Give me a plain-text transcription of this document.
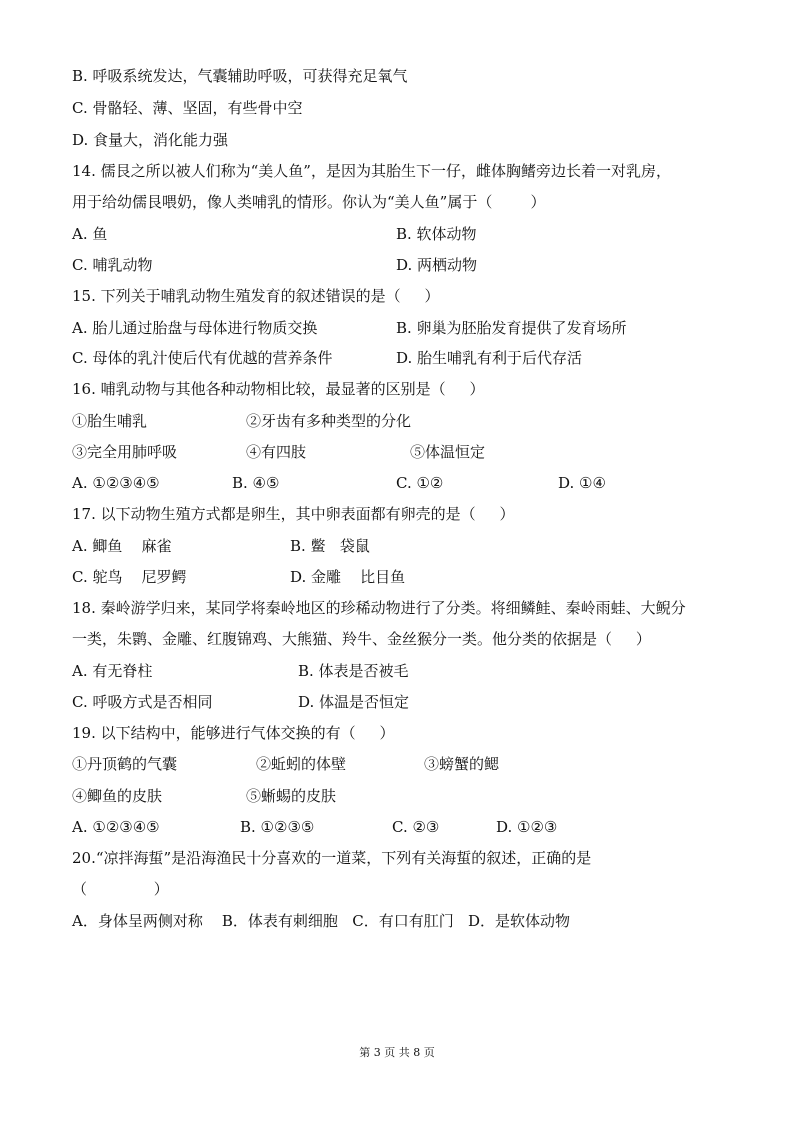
B. 呼吸系统发达，气囊辅助呼吸，可获得充足氧气
C. 骨骼轻、薄、坚固，有些骨中空
D. 食量大，消化能力强
14. 儒艮之所以被人们称为“美人鱼”，是因为其胎生下一仔，雌体胸鳍旁边长着一对乳房，
用于给幼儒艮喂奶，像人类哺乳的情形。你认为“美人鱼”属于（        ）
A. 鱼	B. 软体动物
C. 哺乳动物	D. 两栖动物
15. 下列关于哺乳动物生殖发育的叙述错误的是（     ）
A. 胎儿通过胎盘与母体进行物质交换	B. 卵巢为胚胎发育提供了发育场所
C. 母体的乳汁使后代有优越的营养条件	D. 胎生哺乳有利于后代存活
16. 哺乳动物与其他各种动物相比较，最显著的区别是（     ）
①胎生哺乳	②牙齿有多种类型的分化
③完全用肺呼吸	④有四肢	⑤体温恒定
A. ①②③④⑤	B. ④⑤	C. ①②	D. ①④
17. 以下动物生殖方式都是卵生，其中卵表面都有卵壳的是（     ）
A. 鲫鱼    麻雀	B. 鳖   袋鼠
C. 鸵鸟    尼罗鳄	D. 金雕    比目鱼
18. 秦岭游学归来，某同学将秦岭地区的珍稀动物进行了分类。将细鳞鲑、秦岭雨蛙、大鲵分
一类，朱鹮、金雕、红腹锦鸡、大熊猫、羚牛、金丝猴分一类。他分类的依据是（     ）
A. 有无脊柱	B. 体表是否被毛
C. 呼吸方式是否相同	D. 体温是否恒定
19. 以下结构中，能够进行气体交换的有（     ）
①丹顶鹤的气囊	②蚯蚓的体壁	③螃蟹的鳃
④鲫鱼的皮肤	⑤蜥蜴的皮肤
A. ①②③④⑤	B. ①②③⑤	C. ②③	D. ①②③
20.“凉拌海蜇”是沿海渔民十分喜欢的一道菜，下列有关海蜇的叙述，正确的是
（              ）
A．身体呈两侧对称    B．体表有刺细胞   C．有口有肛门   D．是软体动物
第 3 页 共 8 页
